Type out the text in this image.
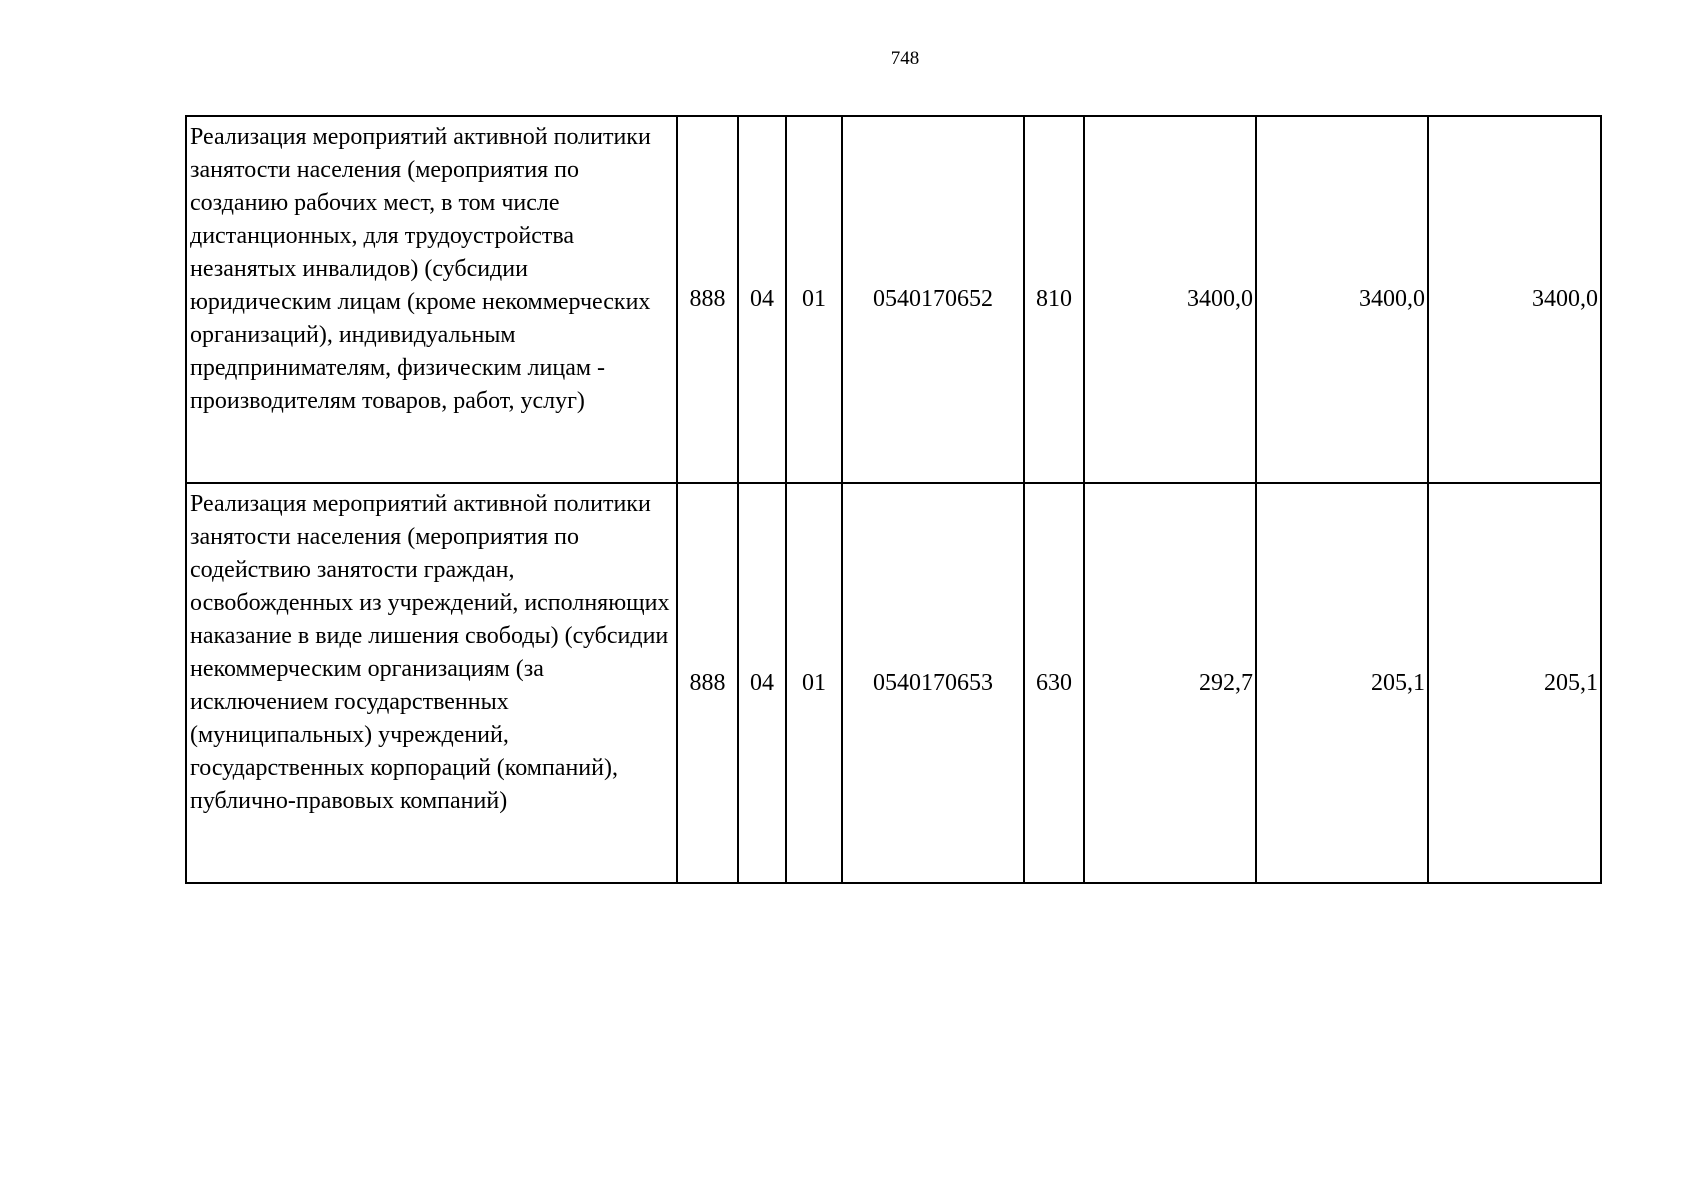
748
Реализация мероприятий активной политики занятости населения (мероприятия по созданию рабочих мест, в том числе дистанционных, для трудоустройства незанятых инвалидов) (субсидии юридическим лицам (кроме некоммерческих организаций), индивидуальным предпринимателям, физическим лицам - производителям товаров, работ, услуг)	888	04	01	0540170652	810	3400,0	3400,0	3400,0
Реализация мероприятий активной политики занятости населения (мероприятия по содействию занятости граждан, освобожденных из учреждений, исполняющих наказание в виде лишения свободы) (субсидии некоммерческим организациям (за исключением государственных (муниципальных) учреждений, государственных корпораций (компаний), публично-правовых компаний)	888	04	01	0540170653	630	292,7	205,1	205,1
